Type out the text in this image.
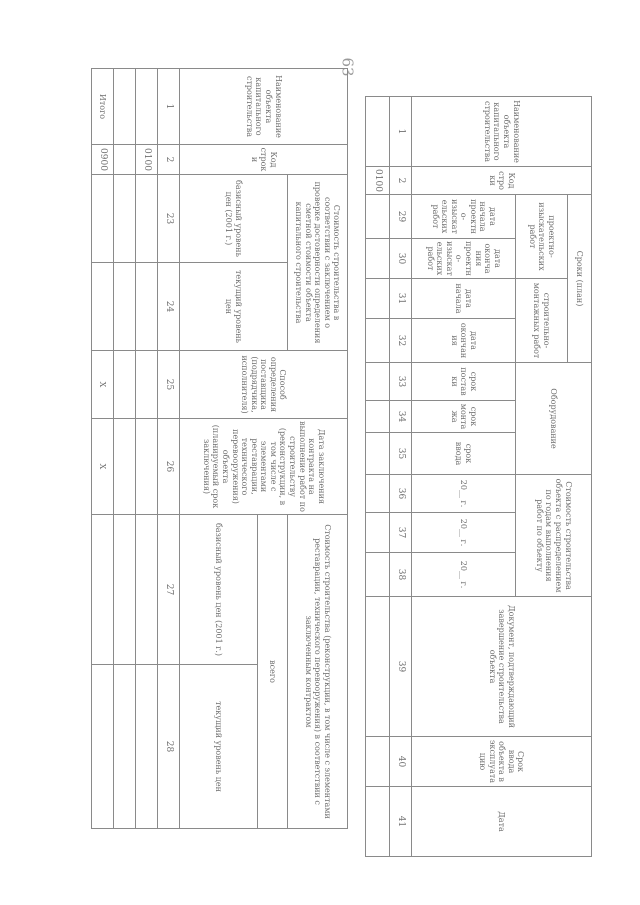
63
Наименование объекта капитального строительства	Код строки	Стоимость строительства в соответствии с заключением о проверке достоверности определения сметной стоимости объекта капитального строительства		Способ определения поставщика (подрядчика, исполнителя)	Дата заключения контракта на выполнение работ по строительству (реконструкции, в том числе с элементами реставрации, технического перевооружения) объекта (планируемый срок заключения)	Стоимость строительства (реконструкции, в том числе с элементами реставрации, технического перевооружения) в соответствии с заключенным контрактом	
		базисный уровень цен (2001 г.)	текущий уровень цен			всего	
						базисный уровень цен (2001 г.)	текущий уровень цен
1	2	23	24	25	26	27	28
	0100						

Итого	0900			X	X		
Наименование объекта капитального строительства	Код строки	Сроки (план)				Оборудование			Стоимость строительства объекта с распределением по годам выполнения работ по объекту			Документ, подтверждающий завершение строительства объекта	Срок ввода объекта в эксплуатацию	Дата
		проектно-изыскательских работ		строительно-монтажных работ										
		дата начала проектно-изыскательских работ	дата окончания проектно-изыскательских работ	дата начала	дата окончания	срок поставки	срок монтажа	срок ввода	20__ г.	20__ г.	20__ г.			
1	2	29	30	31	32	33	34	35	36	37	38	39	40	41
	0100													
